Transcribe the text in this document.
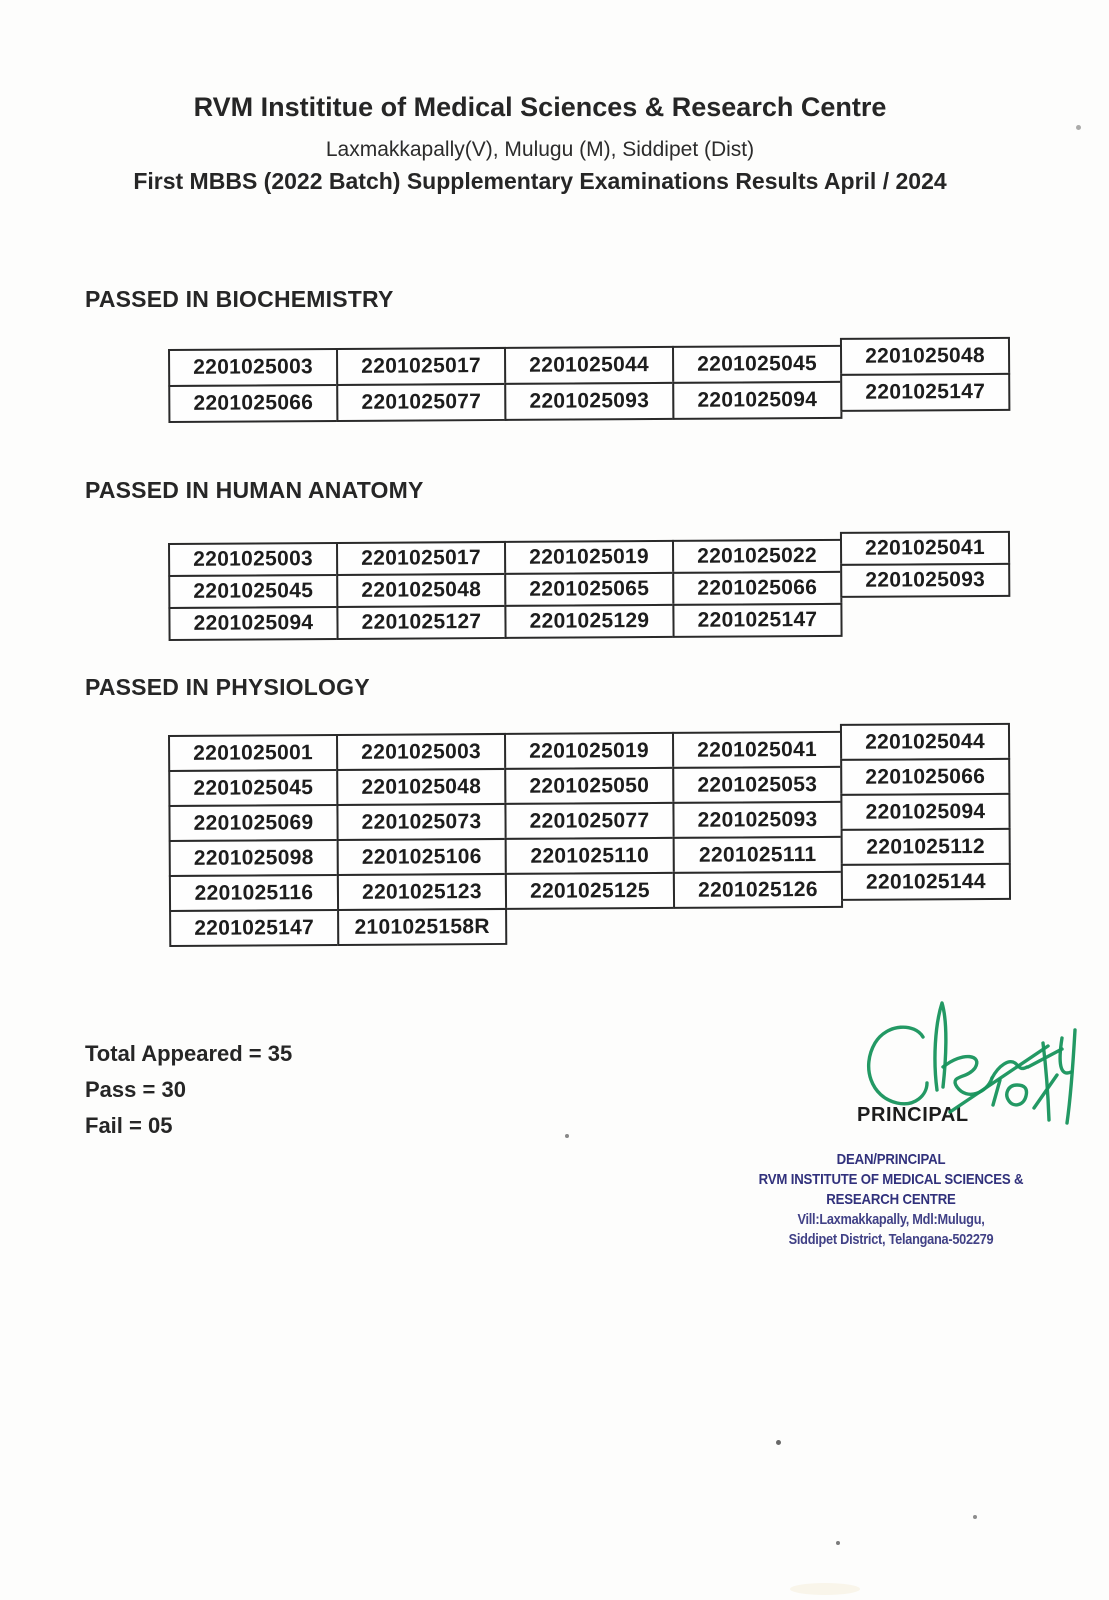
RVM Instititue of Medical Sciences & Research Centre
Laxmakkapally(V), Mulugu (M), Siddipet (Dist)
First MBBS (2022 Batch) Supplementary Examinations Results April / 2024
PASSED IN BIOCHEMISTRY
PASSED IN HUMAN ANATOMY
PASSED IN PHYSIOLOGY
2201025003	2201025017	2201025044	2201025045	2201025048
2201025066	2201025077	2201025093	2201025094	2201025147
2201025003	2201025017	2201025019	2201025022	2201025041
2201025045	2201025048	2201025065	2201025066	2201025093
2201025094	2201025127	2201025129	2201025147
2201025001	2201025003	2201025019	2201025041	2201025044
2201025045	2201025048	2201025050	2201025053	2201025066
2201025069	2201025073	2201025077	2201025093	2201025094
2201025098	2201025106	2201025110	2201025111	2201025112
2201025116	2201025123	2201025125	2201025126	2201025144
2201025147	2101025158R
Total Appeared = 35
Pass = 30
Fail = 05	PRINCIPAL
DEAN/PRINCIPAL
RVM INSTITUTE OF MEDICAL SCIENCES &
RESEARCH CENTRE
Vill:Laxmakkapally, Mdl:Mulugu,
Siddipet District, Telangana-502279
